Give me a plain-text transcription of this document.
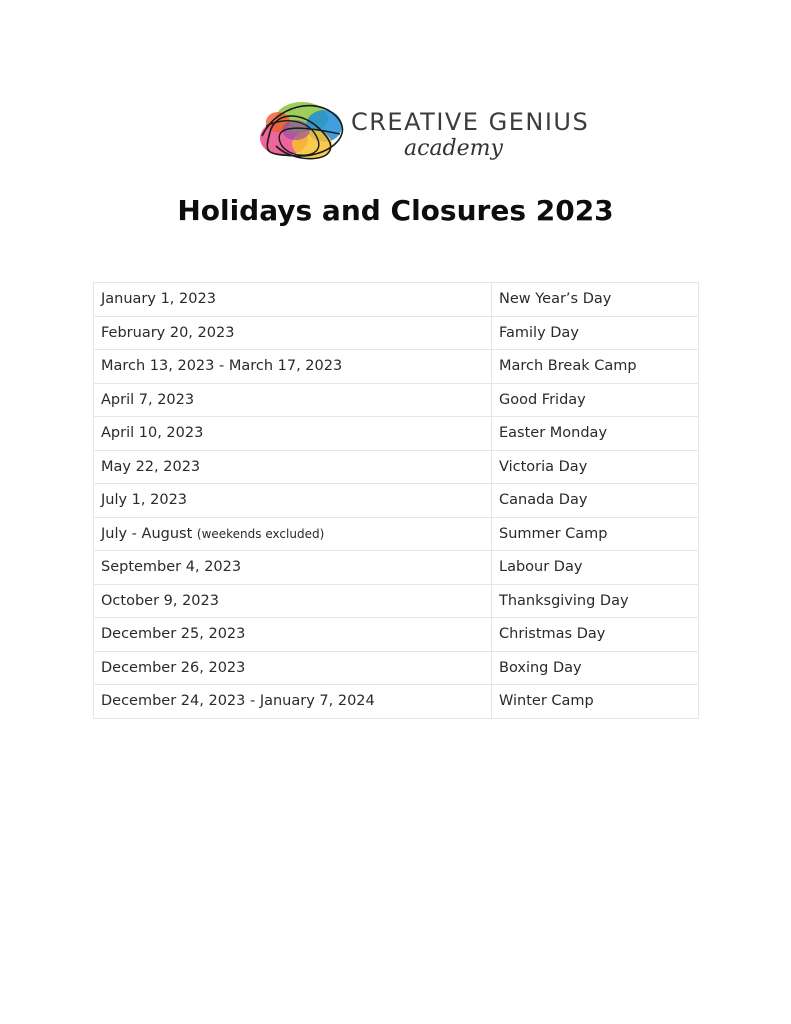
CREATIVE GENIUS
academy
Holidays and Closures 2023
January 1, 2023	New Year’s Day
February 20, 2023	Family Day
March 13, 2023 - March 17, 2023	March Break Camp
April 7, 2023	Good Friday
April 10, 2023	Easter Monday
May 22, 2023	Victoria Day
July 1, 2023	Canada Day
July - August (weekends excluded)	Summer Camp
September 4, 2023	Labour Day
October 9, 2023	Thanksgiving Day
December 25, 2023	Christmas Day
December 26, 2023	Boxing Day
December 24, 2023 - January 7, 2024	Winter Camp
